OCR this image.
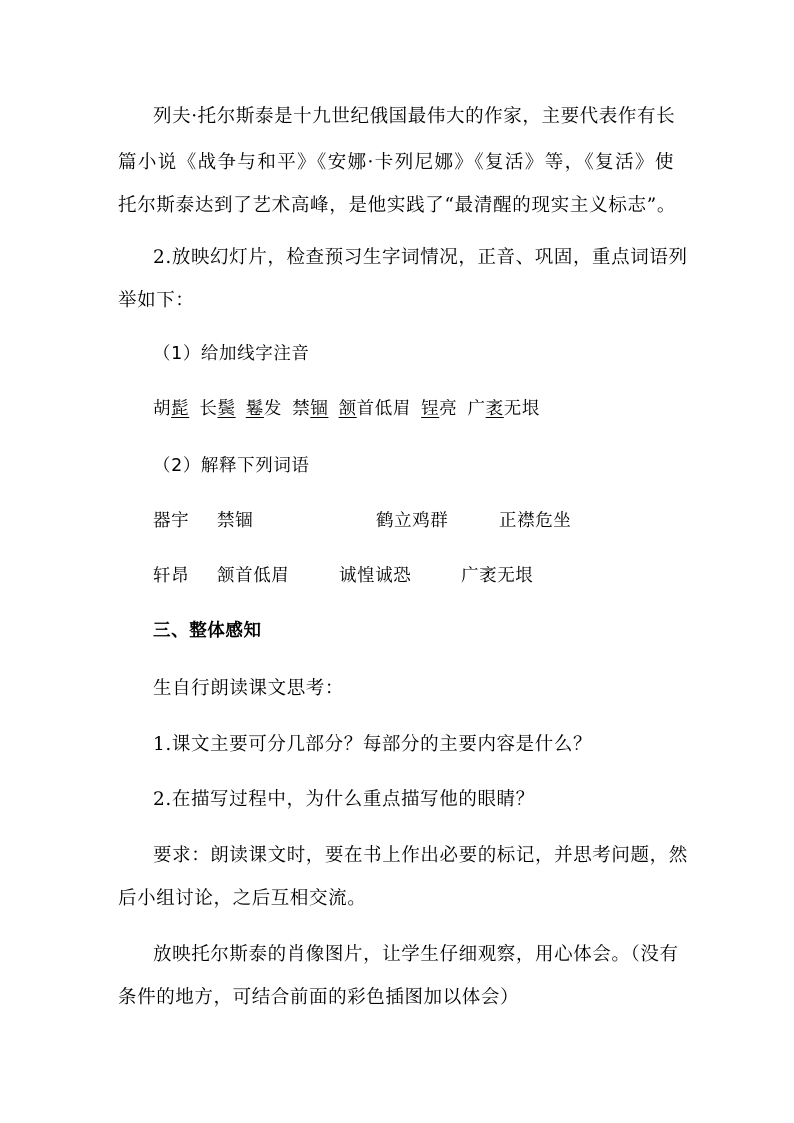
列夫·托尔斯泰是十九世纪俄国最伟大的作家，主要代表作有长
篇小说《战争与和平》《安娜·卡列尼娜》《复活》等，《复活》使
托尔斯泰达到了艺术高峰，是他实践了“最清醒的现实主义标志”。
2.放映幻灯片，检查预习生字词情况，正音、巩固，重点词语列
举如下：
（1）给加线字注音
胡髭 长鬓 鬈发 禁锢 颔首低眉 锃亮 广袤无垠
（2）解释下列词语
器宇 禁锢	鹤立鸡群	正襟危坐
轩昂 颔首低眉	诚惶诚恐	广袤无垠
三、整体感知
生自行朗读课文思考：
1.课文主要可分几部分？每部分的主要内容是什么？
2.在描写过程中，为什么重点描写他的眼睛？
要求：朗读课文时，要在书上作出必要的标记，并思考问题，然
后小组讨论，之后互相交流。
放映托尔斯泰的肖像图片，让学生仔细观察，用心体会。（没有
条件的地方，可结合前面的彩色插图加以体会）
